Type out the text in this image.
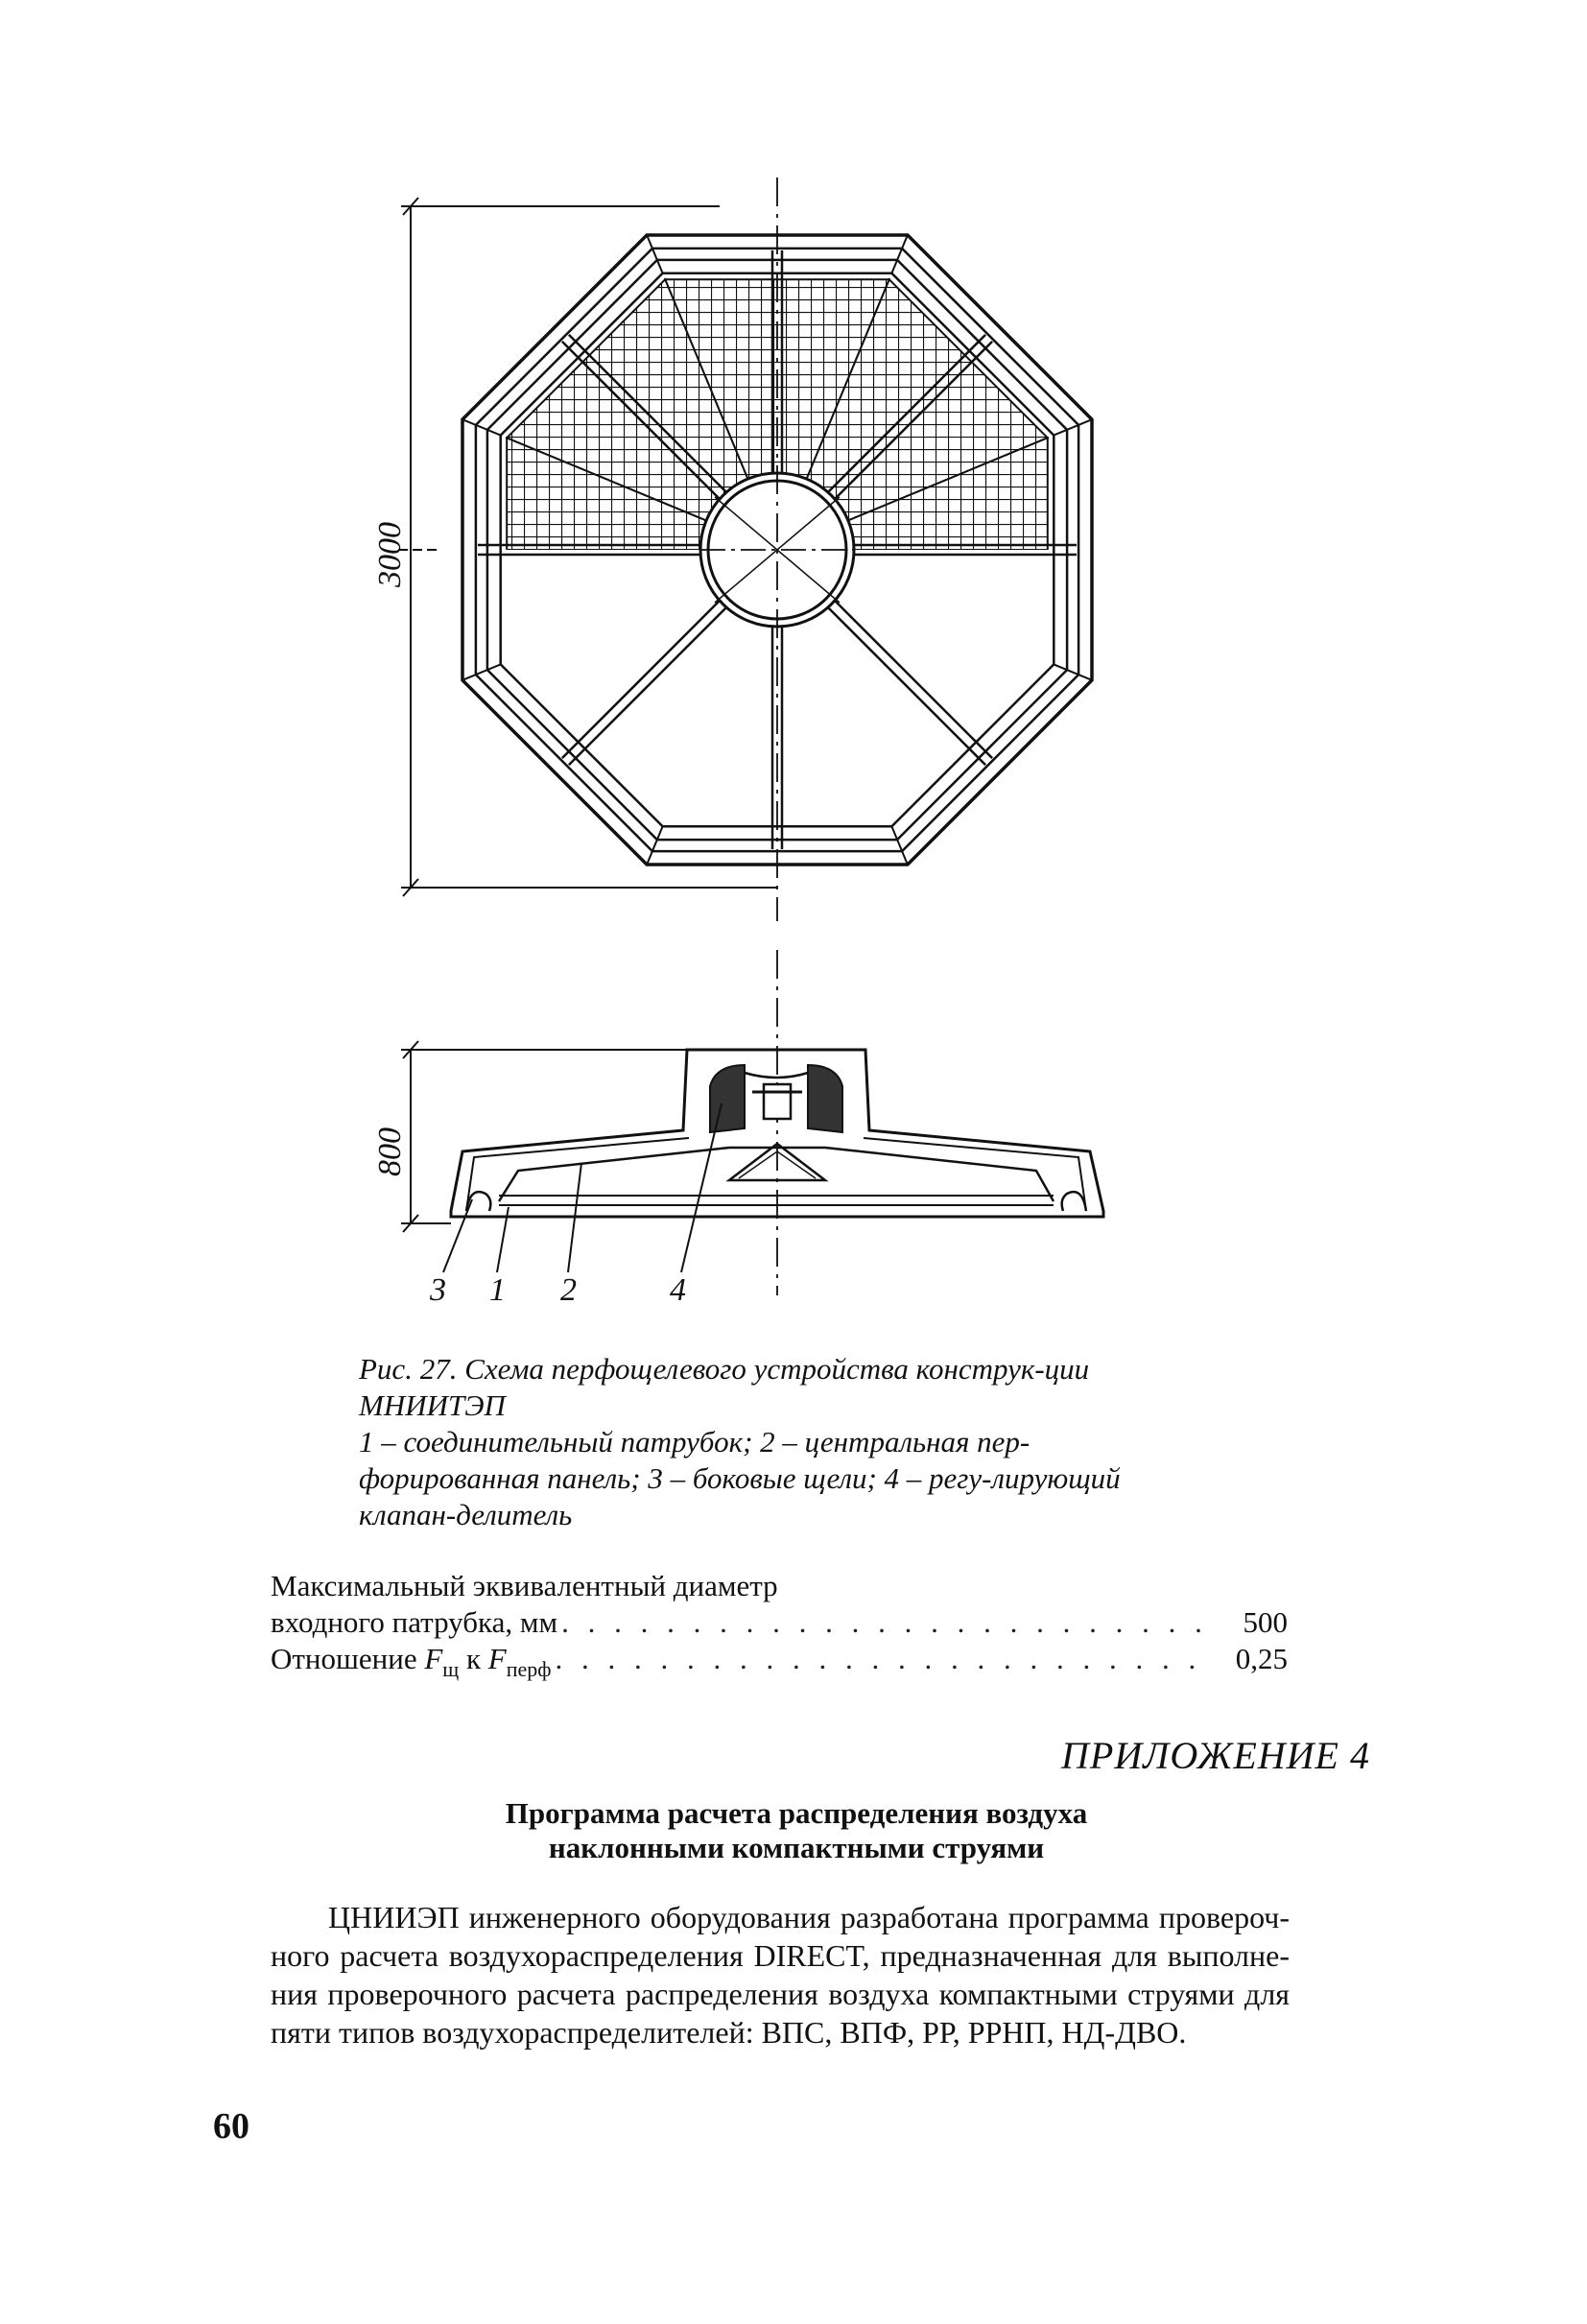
3000
800
3 1 2	4

Рис. 27. Схема перфощелевого устройства конструк-ции МНИИТЭП

1 – соединительный патрубок; 2 – центральная пер-форированная панель; 3 – боковые щели; 4 – регу-лирующий клапан-делитель

Максимальный эквивалентный диаметр
входного патрубка, мм . . .	500
Отношение $F_щ$ к $F_{перф}$ . . .	0,25
ПРИЛОЖЕНИЕ 4
Программа расчета распределения воздуха
наклонными компактными струями

ЦНИИЭП инженерного оборудования разработана программа провероч-ного расчета воздухораспределения DIRECT, предназначенная для выполне-ния проверочного расчета распределения воздуха компактными струями для пяти типов воздухораспределителей: ВПС, ВПФ, РР, РРНП, НД-ДВО.

60
